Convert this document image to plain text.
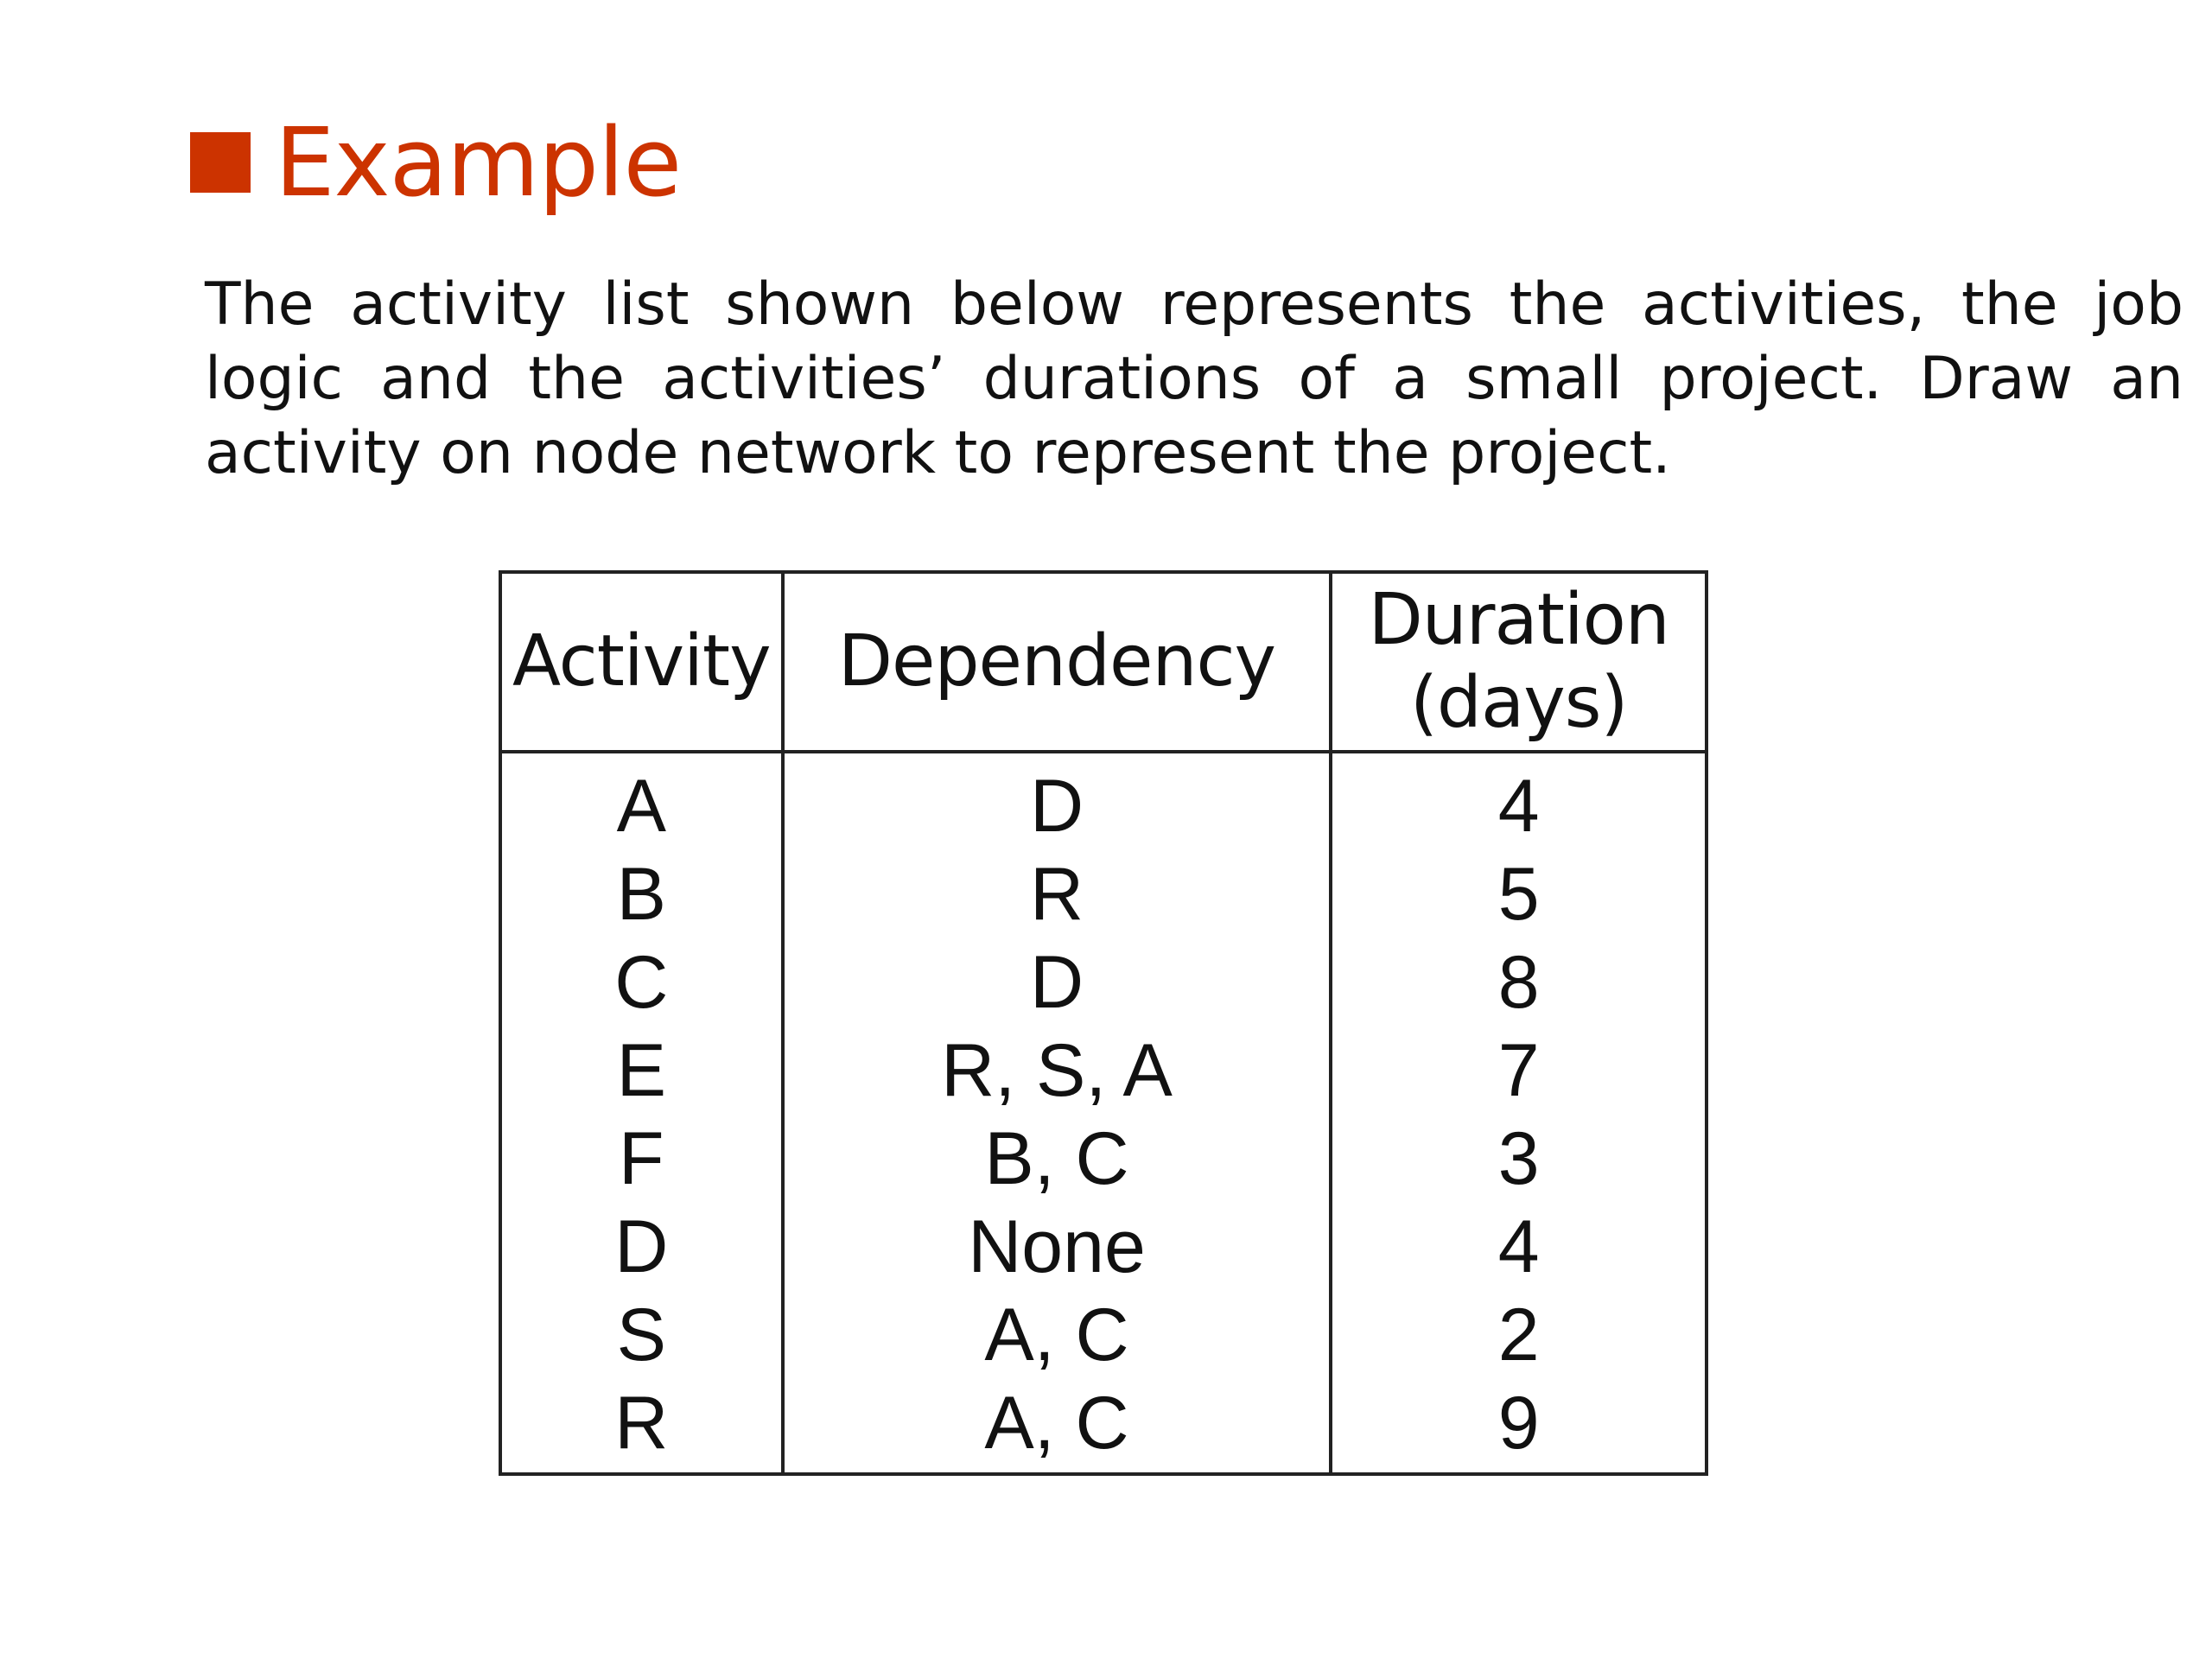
Example

The activity list shown below represents the activities, the job logic and the activities’ durations of a small project. Draw an activity on node network to represent the project.

Activity	Dependency	Duration
(days)
A	D	4
B	R	5
C	D	8
E	R, S, A	7
F	B, C	3
D	None	4
S	A, C	2
R	A, C	9
